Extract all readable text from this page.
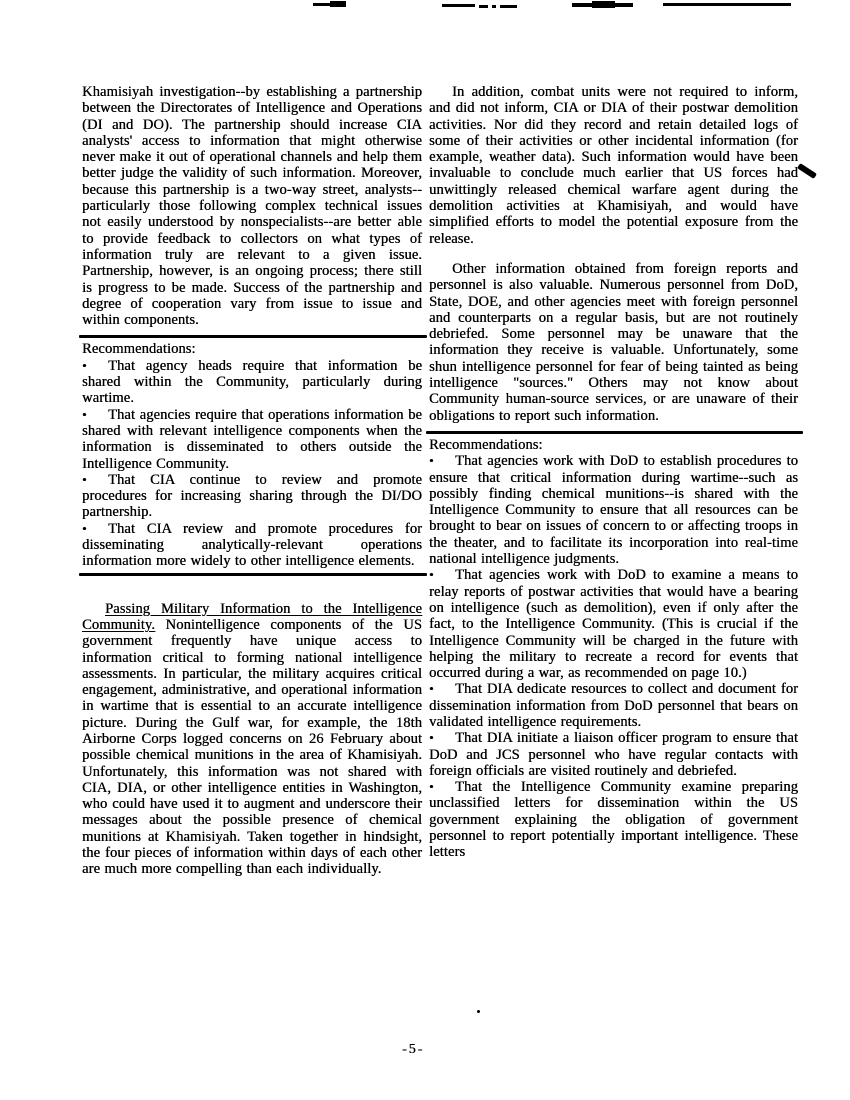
Khamisiyah investigation--by establishing a partnership between the Directorates of Intelligence and Operations (DI and DO). The partnership should increase CIA analysts' access to information that might otherwise never make it out of operational channels and help them better judge the validity of such information. Moreover, because this partnership is a two-way street, analysts--particularly those following complex technical issues not easily understood by nonspecialists--are better able to provide feedback to collectors on what types of information truly are relevant to a given issue. Partnership, however, is an ongoing process; there still is progress to be made. Success of the partnership and degree of cooperation vary from issue to issue and within components.

Recommendations:

• That agency heads require that information be shared within the Community, particularly during wartime.

• That agencies require that operations information be shared with relevant intelligence components when the information is disseminated to others outside the Intelligence Community.

• That CIA continue to review and promote procedures for increasing sharing through the DI/DO partnership.

• That CIA review and promote procedures for disseminating analytically-relevant operations information more widely to other intelligence elements.

Passing Military Information to the Intelligence Community. Nonintelligence components of the US government frequently have unique access to information critical to forming national intelligence assessments. In particular, the military acquires critical engagement, administrative, and operational information in wartime that is essential to an accurate intelligence picture. During the Gulf war, for example, the 18th Airborne Corps logged concerns on 26 February about possible chemical munitions in the area of Khamisiyah. Unfortunately, this information was not shared with CIA, DIA, or other intelligence entities in Washington, who could have used it to augment and underscore their messages about the possible presence of chemical munitions at Khamisiyah. Taken together in hindsight, the four pieces of information within days of each other are much more compelling than each individually.

In addition, combat units were not required to inform, and did not inform, CIA or DIA of their postwar demolition activities. Nor did they record and retain detailed logs of some of their activities or other incidental information (for example, weather data). Such information would have been invaluable to conclude much earlier that US forces had unwittingly released chemical warfare agent during the demolition activities at Khamisiyah, and would have simplified efforts to model the potential exposure from the release.

Other information obtained from foreign reports and personnel is also valuable. Numerous personnel from DoD, State, DOE, and other agencies meet with foreign personnel and counterparts on a regular basis, but are not routinely debriefed. Some personnel may be unaware that the information they receive is valuable. Unfortunately, some shun intelligence personnel for fear of being tainted as being intelligence "sources." Others may not know about Community human-source services, or are unaware of their obligations to report such information.

Recommendations:

• That agencies work with DoD to establish procedures to ensure that critical information during wartime--such as possibly finding chemical munitions--is shared with the Intelligence Community to ensure that all resources can be brought to bear on issues of concern to or affecting troops in the theater, and to facilitate its incorporation into real-time national intelligence judgments.

• That agencies work with DoD to examine a means to relay reports of postwar activities that would have a bearing on intelligence (such as demolition), even if only after the fact, to the Intelligence Community. (This is crucial if the Intelligence Community will be charged in the future with helping the military to recreate a record for events that occurred during a war, as recommended on page 10.)

• That DIA dedicate resources to collect and document for dissemination information from DoD personnel that bears on validated intelligence requirements.

• That DIA initiate a liaison officer program to ensure that DoD and JCS personnel who have regular contacts with foreign officials are visited routinely and debriefed.

• That the Intelligence Community examine preparing unclassified letters for dissemination within the US government explaining the obligation of government personnel to report potentially important intelligence. These letters

-5-
